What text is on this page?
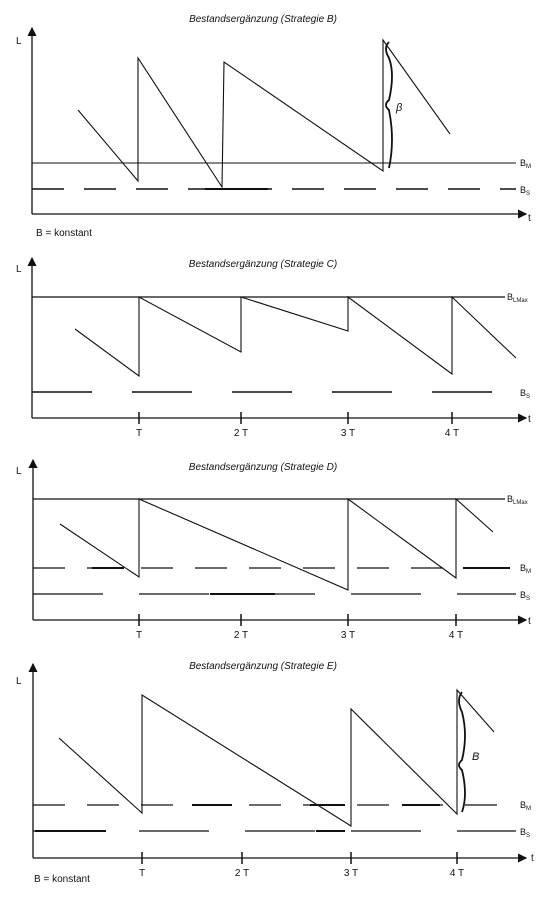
Bestandsergänzung (Strategie B)
L
t
$B_M$
$B_S$
β
B = konstant
Bestandsergänzung (Strategie C)
L
t
T	2 T	3 T	4 T
$B_{LMax}$
$B_S$
Bestandsergänzung (Strategie D)
L
t
T	2 T	3 T	4 T
$B_{LMax}$
$B_M$
$B_S$
Bestandsergänzung (Strategie E)
L
t
T	2 T	3 T	4 T
$B_M$
$B_S$
B
B = konstant
